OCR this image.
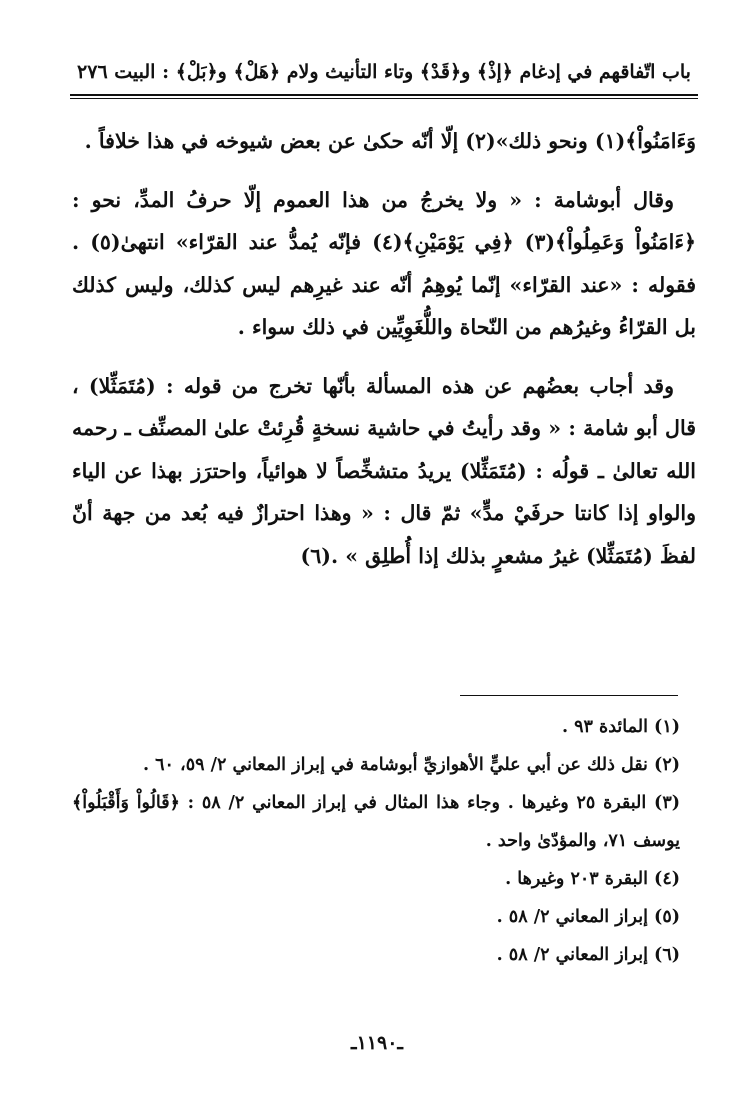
باب اتّفاقهم في إدغام ﴿إذْ﴾ و﴿قَدْ﴾ وتاء التأنيث ولام ﴿هَلْ﴾ و﴿بَلْ﴾ : البيت ٢٧٦

وَءَامَنُواْ﴾(١) ونحو ذلك»(٢) إلّا أنّه حكىٰ عن بعض شيوخه في هذا خلافاً .

وقال أبوشامة : « ولا يخرجُ من هذا العموم إلّا حرفُ المدِّ، نحو : ﴿ءَامَنُواْ وَعَمِلُواْ﴾(٣) ﴿فِي يَوْمَيْنِ﴾(٤) فإنّه يُمدُّ عند القرّاء» انتهىٰ(٥) . فقوله : «عند القرّاء» إنّما يُوهِمُ أنّه عند غيرِهم ليس كذلك، وليس كذلك بل القرّاءُ وغيرُهم من النّحاة واللُّغَوِيِّين في ذلك سواء .

وقد أجاب بعضُهم عن هذه المسألة بأنّها تخرج من قوله : (مُتَمَثِّلا) ، قال أبو شامة : « وقد رأيتُ في حاشية نسخةٍ قُرِئتْ علىٰ المصنِّف ـ رحمه الله تعالىٰ ـ قولُه : (مُتَمَثِّلا) يريدُ متشخِّصاً لا هوائياً، واحترَز بهذا عن الياء والواو إذا كانتا حرفَيْ مدٍّ» ثمّ قال : « وهذا احترازٌ فيه بُعد من جهة أنّ لفظَ (مُتَمَثِّلا) غيرُ مشعرٍ بذلك إذا أُطلِق » .(٦)

(١) المائدة ٩٣ .

(٢) نقل ذلك عن أبي عليٍّ الأهوازيِّ أبوشامة في إبراز المعاني ٢/ ٥٩، ٦٠ .

(٣) البقرة ٢٥ وغيرها . وجاء هذا المثال في إبراز المعاني ٢/ ٥٨ : ﴿قَالُواْ وَأَقْبَلُواْ﴾ يوسف ٧١، والمؤدّىٰ واحد .

(٤) البقرة ٢٠٣ وغيرها .

(٥) إبراز المعاني ٢/ ٥٨ .

(٦) إبراز المعاني ٢/ ٥٨ .

ـ١١٩٠ـ
